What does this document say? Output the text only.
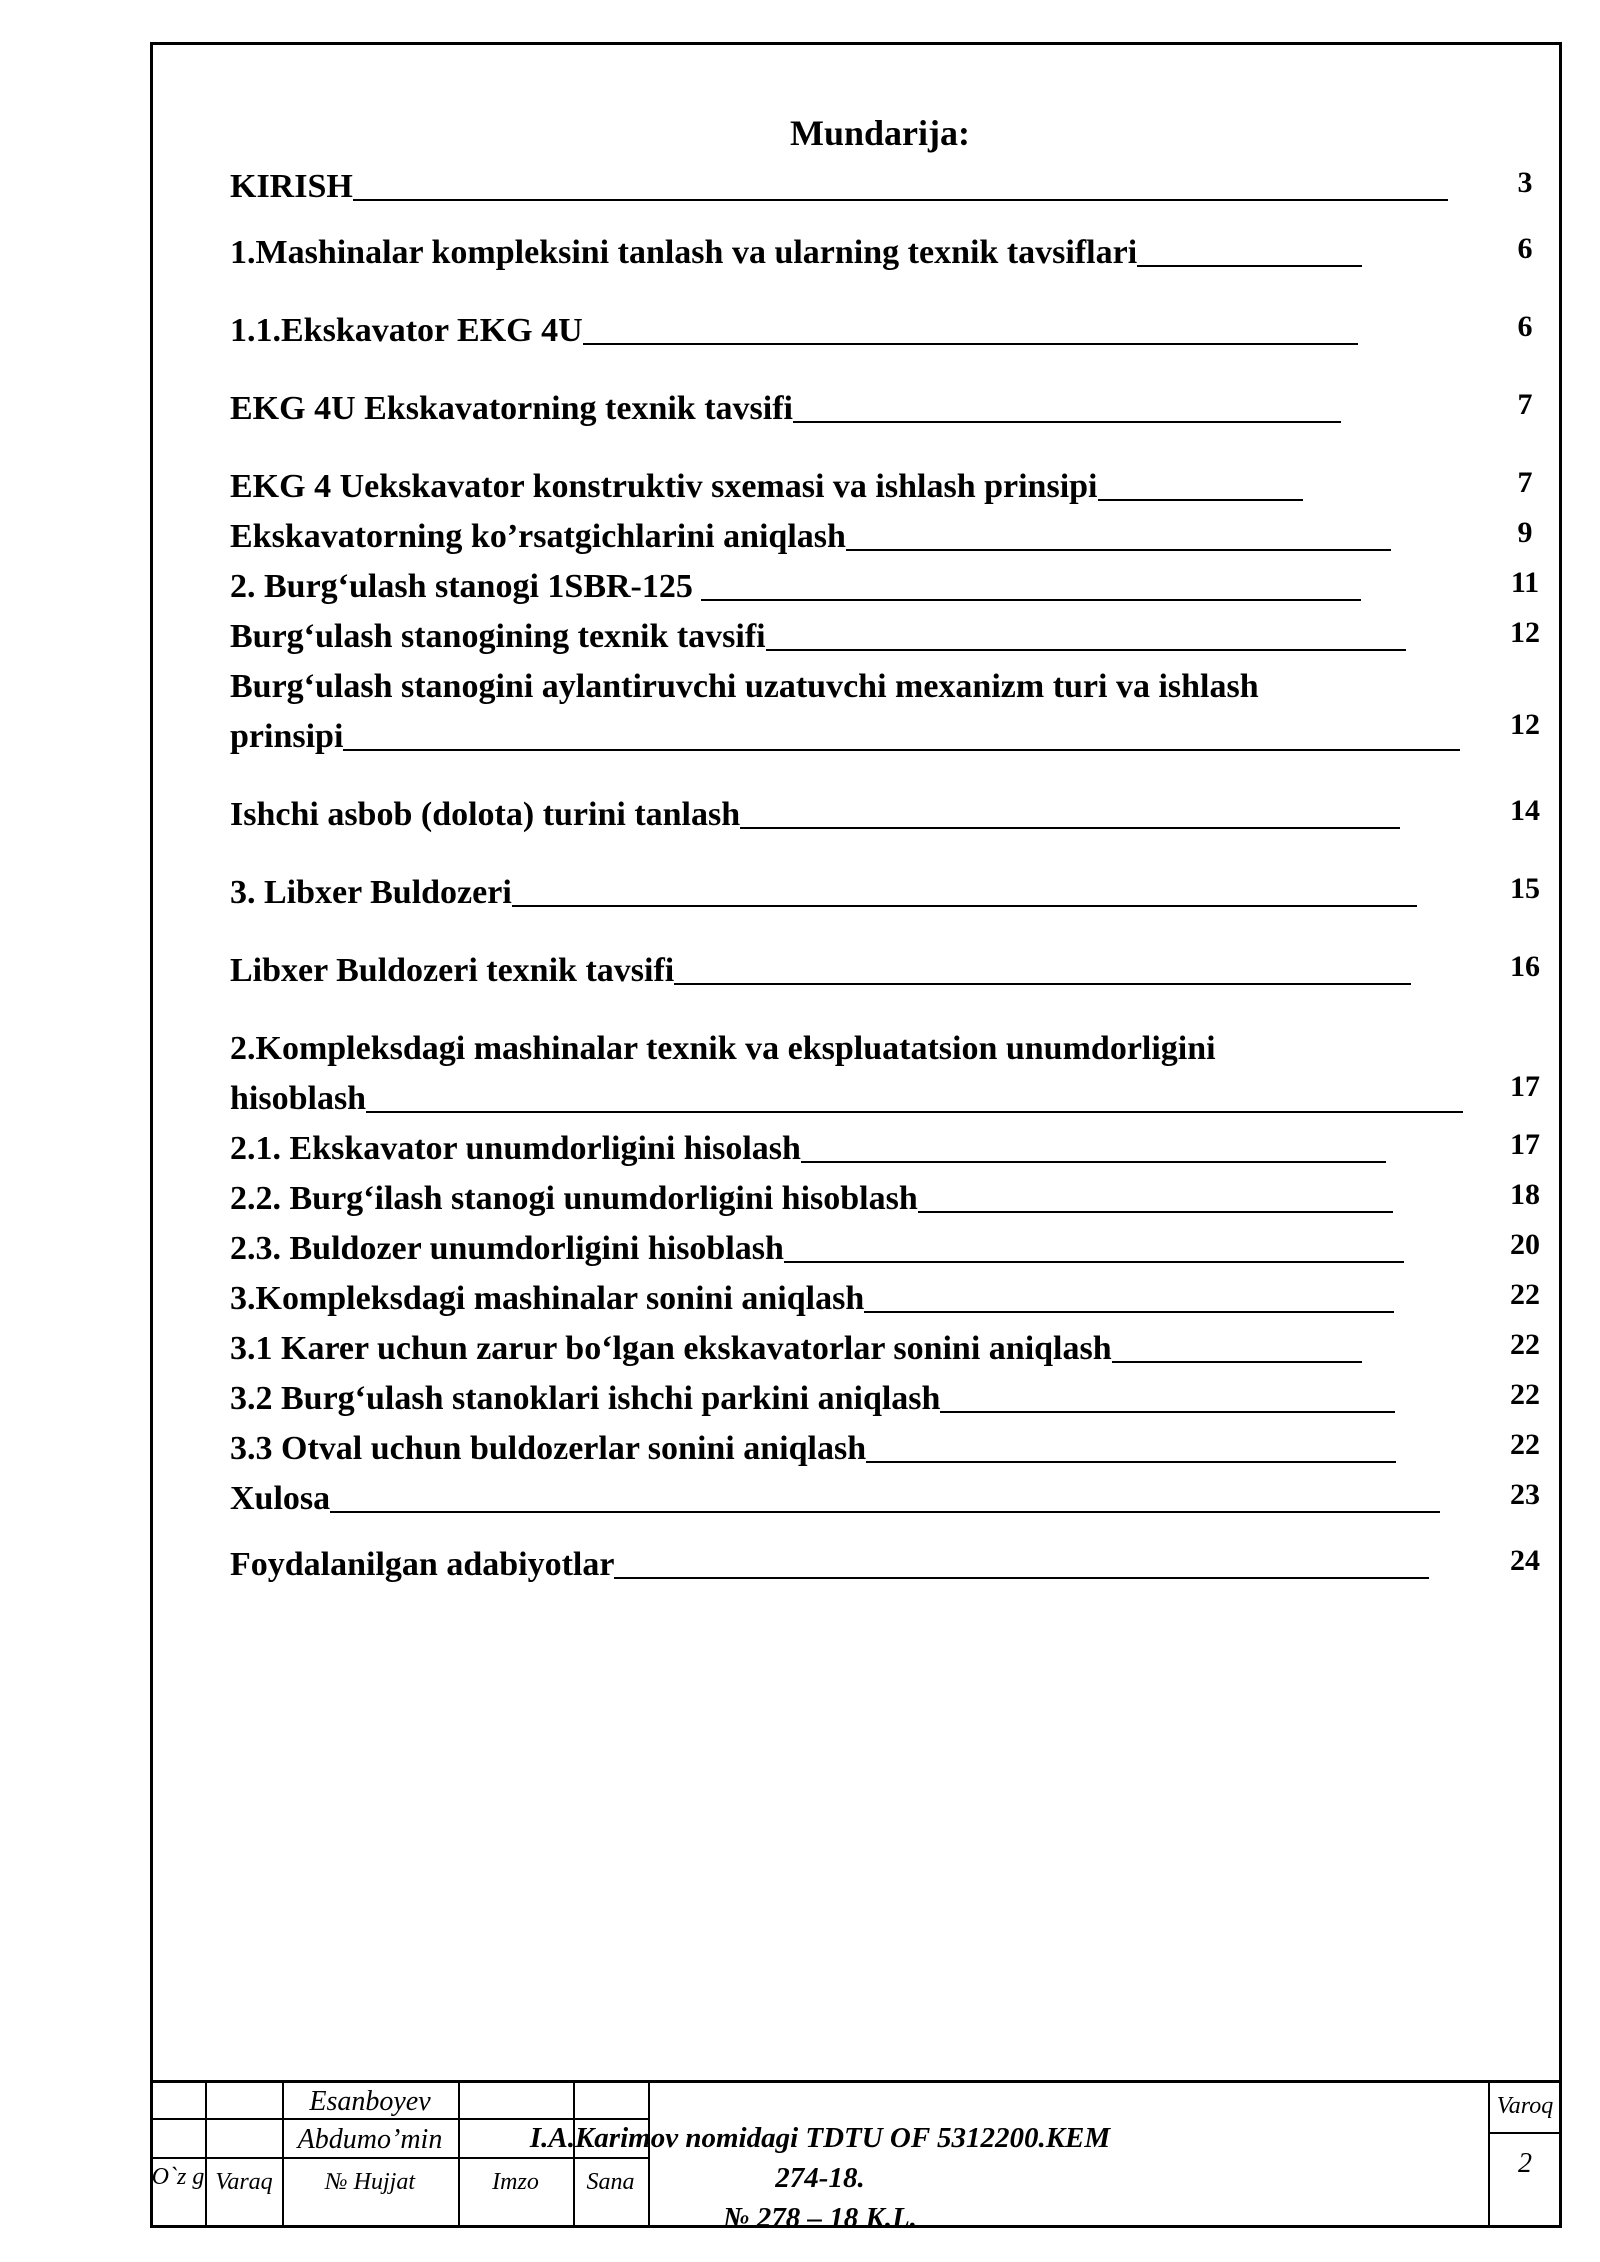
Mundarija:
KIRISH	3
1.Mashinalar kompleksini tanlash va ularning texnik tavsiflari	6
1.1.Ekskavator EKG 4U	6
EKG 4U Ekskavatorning texnik tavsifi	7
EKG 4 Uekskavator konstruktiv sxemasi va ishlash prinsipi	7
Ekskavatorning ko’rsatgichlarini aniqlash	9
2. Burg‘ulash stanogi 1SBR-125	11
Burg‘ulash stanogining texnik tavsifi	12
Burg‘ulash stanogini aylantiruvchi uzatuvchi mexanizm turi va ishlash
prinsipi	12
Ishchi asbob (dolota) turini tanlash	14
3. Libxer Buldozeri	15
Libxer Buldozeri texnik tavsifi	16
2.Kompleksdagi mashinalar texnik va ekspluatatsion unumdorligini
hisoblash	17
2.1. Ekskavator unumdorligini hisolash	17
2.2. Burg‘ilash stanogi unumdorligini hisoblash	18
2.3. Buldozer unumdorligini hisoblash	20
3.Kompleksdagi mashinalar sonini aniqlash	22
3.1 Karer uchun zarur bo‘lgan ekskavatorlar sonini aniqlash	22
3.2 Burg‘ulash stanoklari ishchi parkini aniqlash	22
3.3 Otval uchun buldozerlar sonini aniqlash	22
Xulosa	23
Foydalanilgan adabiyotlar	24
Esanboyev
Abdumo’min
O`z g Varaq	№ Hujjat	Imzo	Sana
I.A.Karimov nomidagi TDTU OF 5312200.KEM 274-18.
№ 278 – 18 K.L.
Varoq
2
